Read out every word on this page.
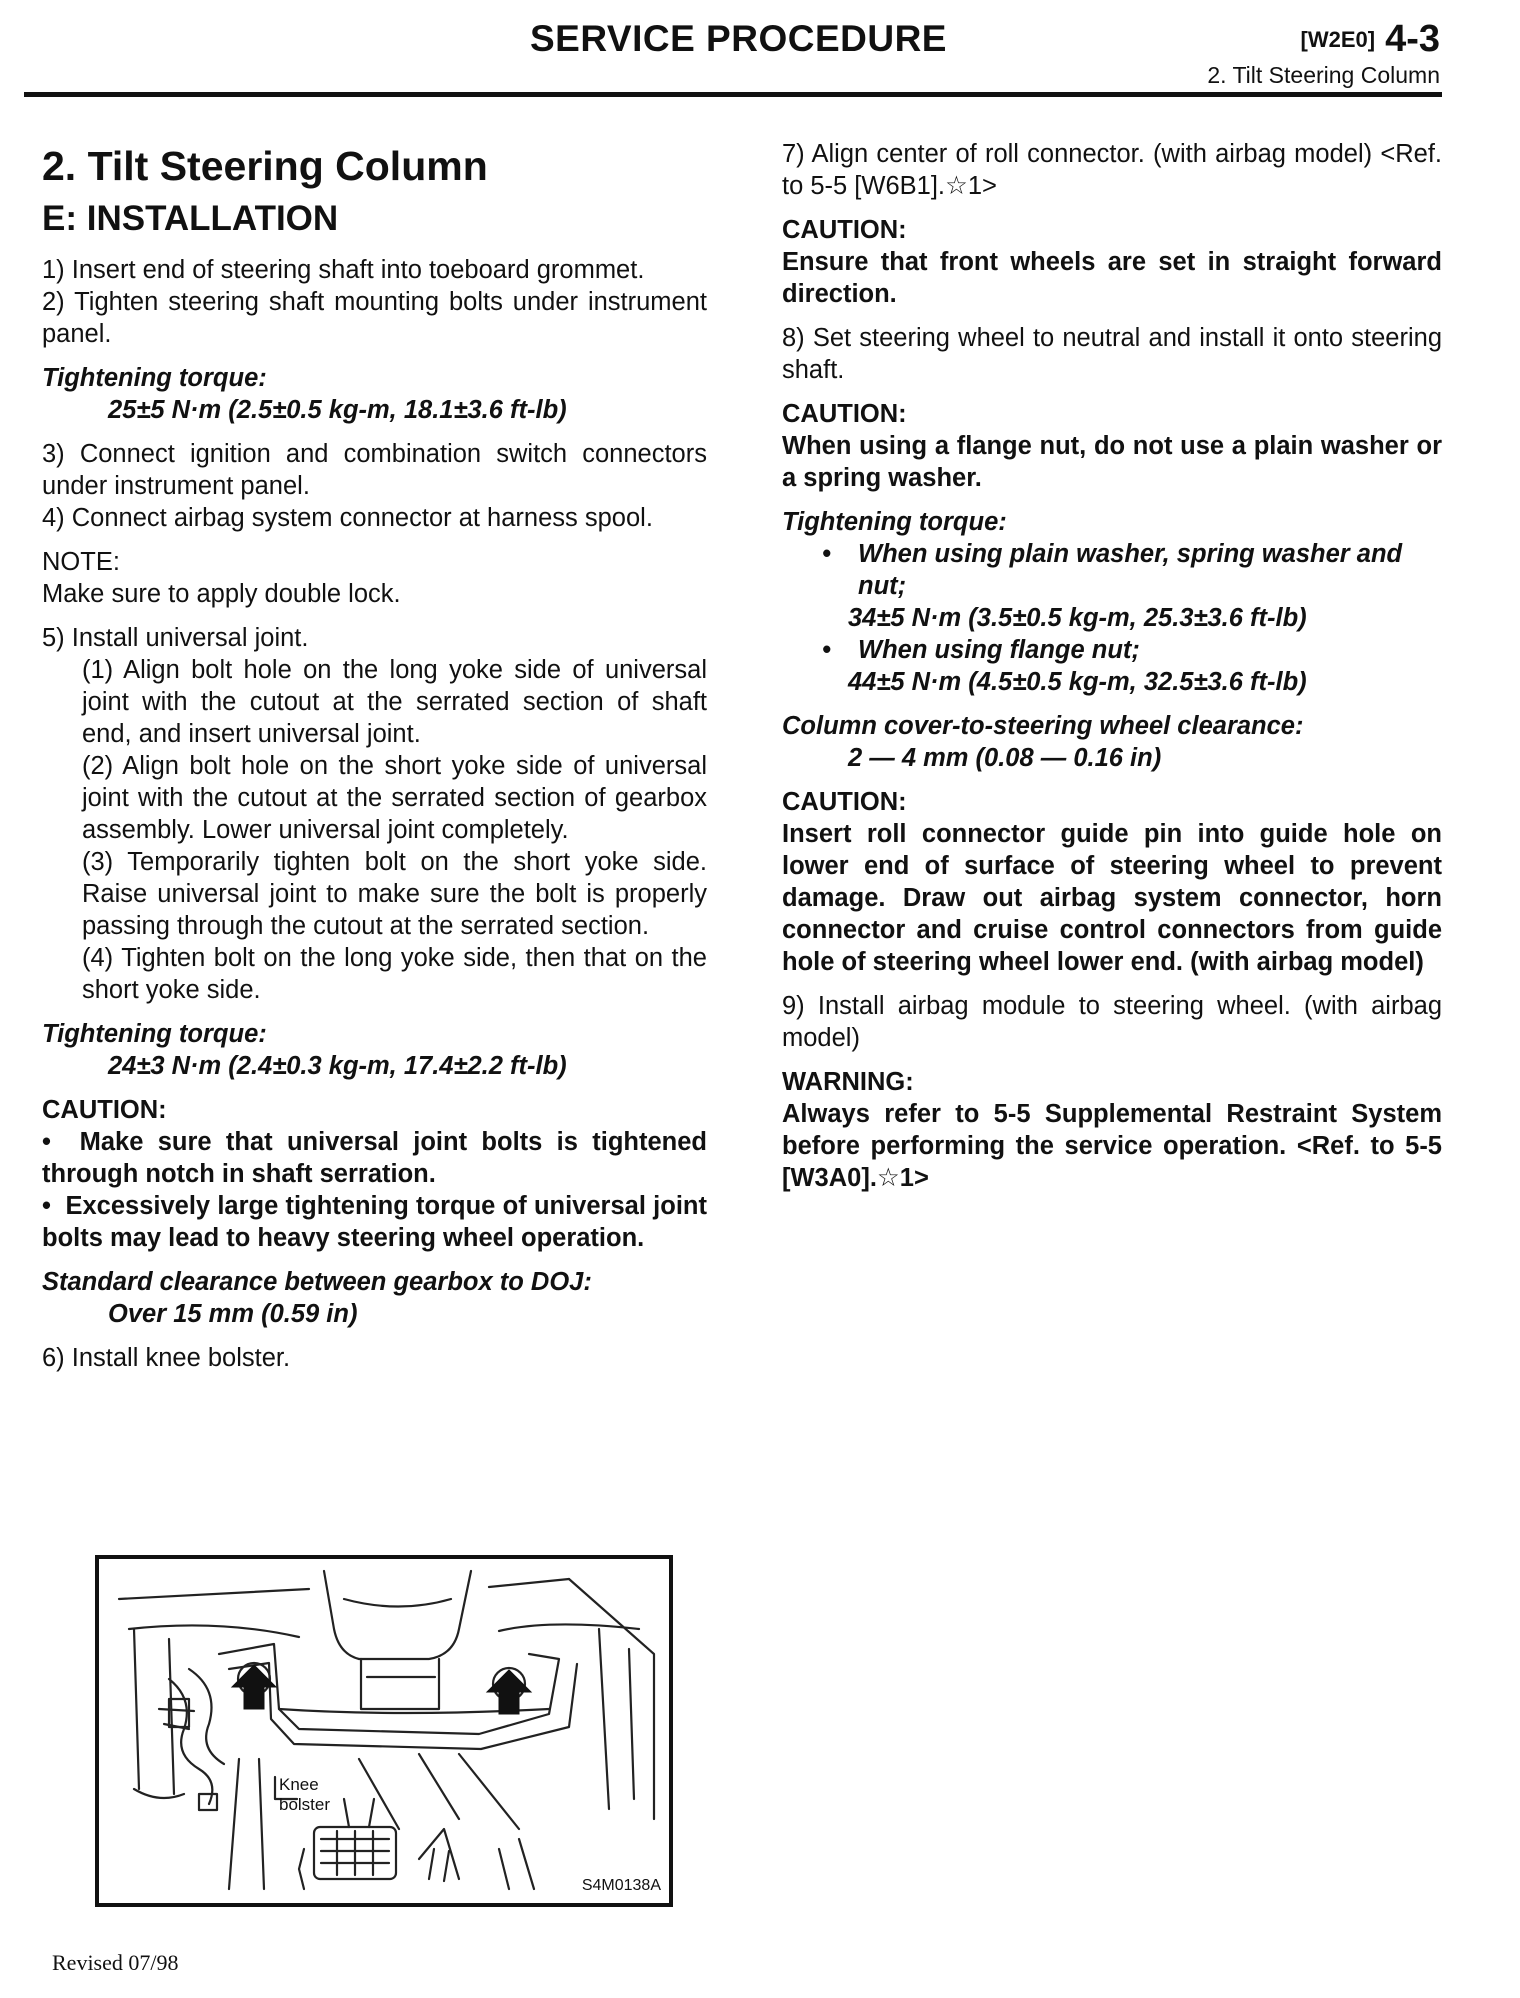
SERVICE PROCEDURE	[W2E0] 4-3
2. Tilt Steering Column
2. Tilt Steering Column
E: INSTALLATION

1) Insert end of steering shaft into toeboard grommet.

2) Tighten steering shaft mounting bolts under instrument panel.

Tightening torque:

25±5 N·m (2.5±0.5 kg-m, 18.1±3.6 ft-lb)

3) Connect ignition and combination switch connectors under instrument panel.

4) Connect airbag system connector at harness spool.

NOTE:

Make sure to apply double lock.

5) Install universal joint.

(1) Align bolt hole on the long yoke side of universal joint with the cutout at the serrated section of shaft end, and insert universal joint.

(2) Align bolt hole on the short yoke side of universal joint with the cutout at the serrated section of gearbox assembly. Lower universal joint completely.

(3) Temporarily tighten bolt on the short yoke side. Raise universal joint to make sure the bolt is properly passing through the cutout at the serrated section.

(4) Tighten bolt on the long yoke side, then that on the short yoke side.

Tightening torque:

24±3 N·m (2.4±0.3 kg-m, 17.4±2.2 ft-lb)

CAUTION:

•  Make sure that universal joint bolts is tightened through notch in shaft serration.

•  Excessively large tightening torque of universal joint bolts may lead to heavy steering wheel operation.

Standard clearance between gearbox to DOJ:

Over 15 mm (0.59 in)

6) Install knee bolster.

Knee
bolster
S4M0138A

7) Align center of roll connector. (with airbag model) <Ref. to 5-5 [W6B1].☆1>

CAUTION:

Ensure that front wheels are set in straight forward direction.

8) Set steering wheel to neutral and install it onto steering shaft.

CAUTION:

When using a flange nut, do not use a plain washer or a spring washer.

Tightening torque:

•	When using plain washer, spring washer and nut;

34±5 N·m (3.5±0.5 kg-m, 25.3±3.6 ft-lb)

•	When using flange nut;

44±5 N·m (4.5±0.5 kg-m, 32.5±3.6 ft-lb)

Column cover-to-steering wheel clearance:

2 — 4 mm (0.08 — 0.16 in)

CAUTION:

Insert roll connector guide pin into guide hole on lower end of surface of steering wheel to prevent damage. Draw out airbag system connector, horn connector and cruise control connectors from guide hole of steering wheel lower end. (with airbag model)

9) Install airbag module to steering wheel. (with airbag model)

WARNING:

Always refer to 5-5 Supplemental Restraint System before performing the service operation. <Ref. to 5-5 [W3A0].☆1>

Revised 07/98
